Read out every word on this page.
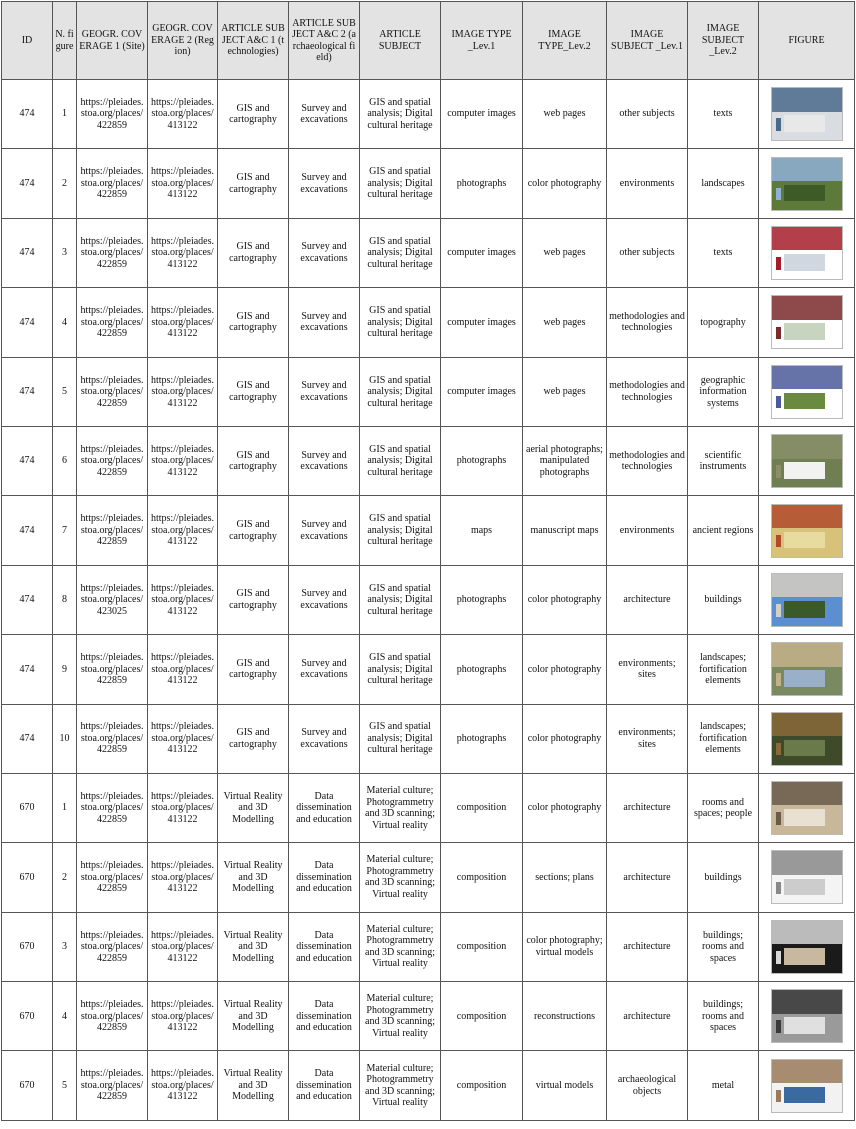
ID	N. figure	GEOGR. COVERAGE 1 (Site)	GEOGR. COVERAGE 2 (Region)	ARTICLE SUBJECT A&C 1 (technologies)	ARTICLE SUBJECT A&C 2 (archaeological field)	ARTICLE SUBJECT	IMAGE TYPE _Lev.1	IMAGE TYPE_Lev.2	IMAGE SUBJECT _Lev.1	IMAGE SUBJECT _Lev.2	FIGURE
474	1	https://pleiades.stoa.org/places/422859	https://pleiades.stoa.org/places/413122	GIS and cartography	Survey and excavations	GIS and spatial analysis; Digital cultural heritage	computer images	web pages	other subjects	texts	

474	2	https://pleiades.stoa.org/places/422859	https://pleiades.stoa.org/places/413122	GIS and cartography	Survey and excavations	GIS and spatial analysis; Digital cultural heritage	photographs	color photography	environments	landscapes	

474	3	https://pleiades.stoa.org/places/422859	https://pleiades.stoa.org/places/413122	GIS and cartography	Survey and excavations	GIS and spatial analysis; Digital cultural heritage	computer images	web pages	other subjects	texts	

474	4	https://pleiades.stoa.org/places/422859	https://pleiades.stoa.org/places/413122	GIS and cartography	Survey and excavations	GIS and spatial analysis; Digital cultural heritage	computer images	web pages	methodologies and technologies	topography	

474	5	https://pleiades.stoa.org/places/422859	https://pleiades.stoa.org/places/413122	GIS and cartography	Survey and excavations	GIS and spatial analysis; Digital cultural heritage	computer images	web pages	methodologies and technologies	geographic information systems	

474	6	https://pleiades.stoa.org/places/422859	https://pleiades.stoa.org/places/413122	GIS and cartography	Survey and excavations	GIS and spatial analysis; Digital cultural heritage	photographs	aerial photographs; manipulated photographs	methodologies and technologies	scientific instruments	

474	7	https://pleiades.stoa.org/places/422859	https://pleiades.stoa.org/places/413122	GIS and cartography	Survey and excavations	GIS and spatial analysis; Digital cultural heritage	maps	manuscript maps	environments	ancient regions	

474	8	https://pleiades.stoa.org/places/423025	https://pleiades.stoa.org/places/413122	GIS and cartography	Survey and excavations	GIS and spatial analysis; Digital cultural heritage	photographs	color photography	architecture	buildings	

474	9	https://pleiades.stoa.org/places/422859	https://pleiades.stoa.org/places/413122	GIS and cartography	Survey and excavations	GIS and spatial analysis; Digital cultural heritage	photographs	color photography	environments; sites	landscapes; fortification elements	

474	10	https://pleiades.stoa.org/places/422859	https://pleiades.stoa.org/places/413122	GIS and cartography	Survey and excavations	GIS and spatial analysis; Digital cultural heritage	photographs	color photography	environments; sites	landscapes; fortification elements	

670	1	https://pleiades.stoa.org/places/422859	https://pleiades.stoa.org/places/413122	Virtual Reality and 3D Modelling	Data dissemination and education	Material culture; Photogrammetry and 3D scanning; Virtual reality	composition	color photography	architecture	rooms and spaces; people	

670	2	https://pleiades.stoa.org/places/422859	https://pleiades.stoa.org/places/413122	Virtual Reality and 3D Modelling	Data dissemination and education	Material culture; Photogrammetry and 3D scanning; Virtual reality	composition	sections; plans	architecture	buildings	

670	3	https://pleiades.stoa.org/places/422859	https://pleiades.stoa.org/places/413122	Virtual Reality and 3D Modelling	Data dissemination and education	Material culture; Photogrammetry and 3D scanning; Virtual reality	composition	color photography; virtual models	architecture	buildings; rooms and spaces	

670	4	https://pleiades.stoa.org/places/422859	https://pleiades.stoa.org/places/413122	Virtual Reality and 3D Modelling	Data dissemination and education	Material culture; Photogrammetry and 3D scanning; Virtual reality	composition	reconstructions	architecture	buildings; rooms and spaces	

670	5	https://pleiades.stoa.org/places/422859	https://pleiades.stoa.org/places/413122	Virtual Reality and 3D Modelling	Data dissemination and education	Material culture; Photogrammetry and 3D scanning; Virtual reality	composition	virtual models	archaeological objects	metal	
